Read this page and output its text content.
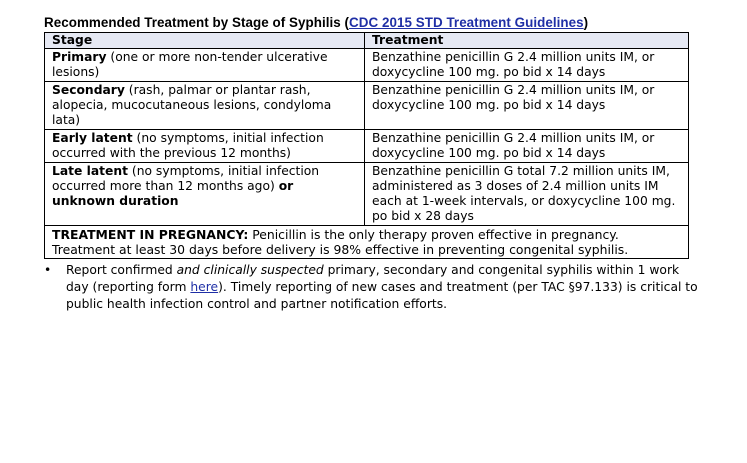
Recommended Treatment by Stage of Syphilis (CDC 2015 STD Treatment Guidelines)
Stage	Treatment
Primary (one or more non-tender ulcerative lesions)	Benzathine penicillin G 2.4 million units IM, or doxycycline 100 mg. po bid x 14 days
Secondary (rash, palmar or plantar rash, alopecia, mucocutaneous lesions, condyloma lata)	Benzathine penicillin G 2.4 million units IM, or doxycycline 100 mg. po bid x 14 days
Early latent (no symptoms, initial infection occurred with the previous 12 months)	Benzathine penicillin G 2.4 million units IM, or doxycycline 100 mg. po bid x 14 days
Late latent (no symptoms, initial infection occurred more than 12 months ago) or unknown duration	Benzathine penicillin G total 7.2 million units IM, administered as 3 doses of 2.4 million units IM each at 1-week intervals, or doxycycline 100 mg. po bid x 28 days
TREATMENT IN PREGNANCY: Penicillin is the only therapy proven effective in pregnancy. Treatment at least 30 days before delivery is 98% effective in preventing congenital syphilis.	
• Report confirmed and clinically suspected primary, secondary and congenital syphilis within 1 work day (reporting form here). Timely reporting of new cases and treatment (per TAC §97.133) is critical to public health infection control and partner notification efforts.
